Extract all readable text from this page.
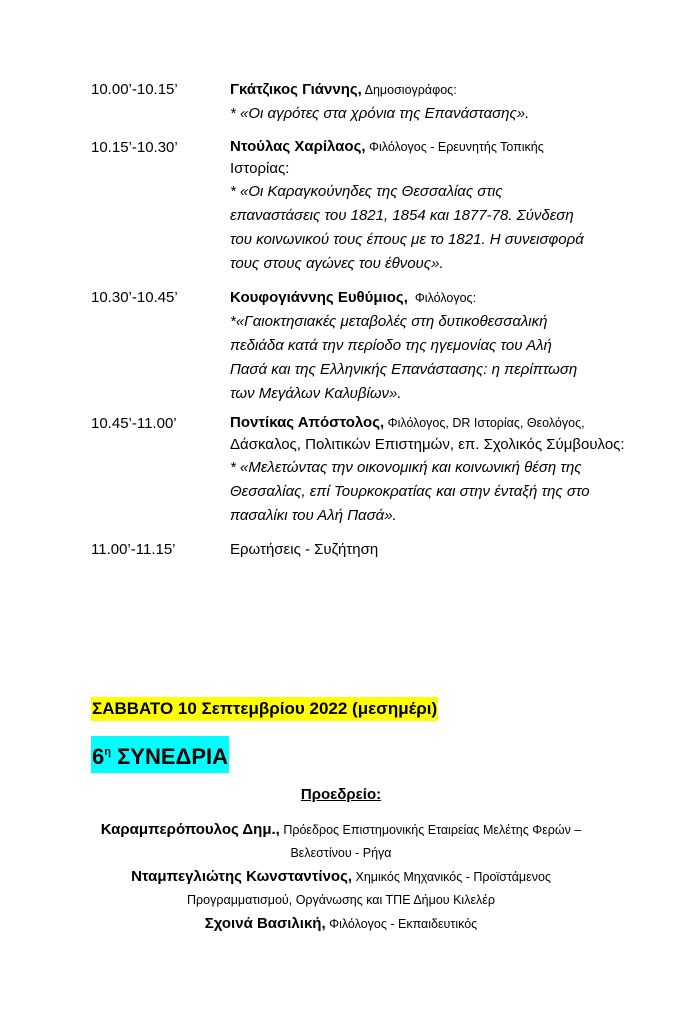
10.00’-10.15’	Γκάτζικος Γιάννης, Δημοσιογράφος:
* «Οι αγρότες στα χρόνια της Επανάστασης».
10.15’-10.30’	Ντούλας Χαρίλαος, Φιλόλογος - Ερευνητής Τοπικής
Ιστορίας:
* «Οι Καραγκούνηδες της Θεσσαλίας στις
επαναστάσεις του 1821, 1854 και 1877-78. Σύνδεση
του κοινωνικού τους έπους με το 1821. Η συνεισφορά
τους στους αγώνες του έθνους».
10.30’-10.45’	Κουφογιάννης Ευθύμιος,  Φιλόλογος:
*«Γαιοκτησιακές μεταβολές στη δυτικοθεσσαλική
πεδιάδα κατά την περίοδο της ηγεμονίας του Αλή
Πασά και της Ελληνικής Επανάστασης: η περίπτωση
των Μεγάλων Καλυβίων».
10.45’-11.00’	Ποντίκας Απόστολος, Φιλόλογος, DR Ιστορίας, Θεολόγος,
Δάσκαλος, Πολιτικών Επιστημών, επ. Σχολικός Σύμβουλος:
* «Μελετώντας την οικονομική και κοινωνική θέση της
Θεσσαλίας, επί Τουρκοκρατίας και στην ένταξή της στο
πασαλίκι του Αλή Πασά».
11.00’-11.15’	Ερωτήσεις - Συζήτηση
ΣΑΒΒΑΤΟ 10 Σεπτεμβρίου 2022 (μεσημέρι)
$6^\eta$ ΣΥΝΕΔΡΙΑ
Προεδρείο:
Καραμπερόπουλος Δημ., Πρόεδρος Επιστημονικής Εταιρείας Μελέτης Φερών –
Βελεστίνου - Ρήγα
Νταμπεγλιώτης Κωνσταντίνος, Χημικός Μηχανικός - Προϊστάμενος
Προγραμματισμού, Οργάνωσης και ΤΠΕ Δήμου Κιλελέρ
Σχοινά Βασιλική, Φιλόλογος - Εκπαιδευτικός
